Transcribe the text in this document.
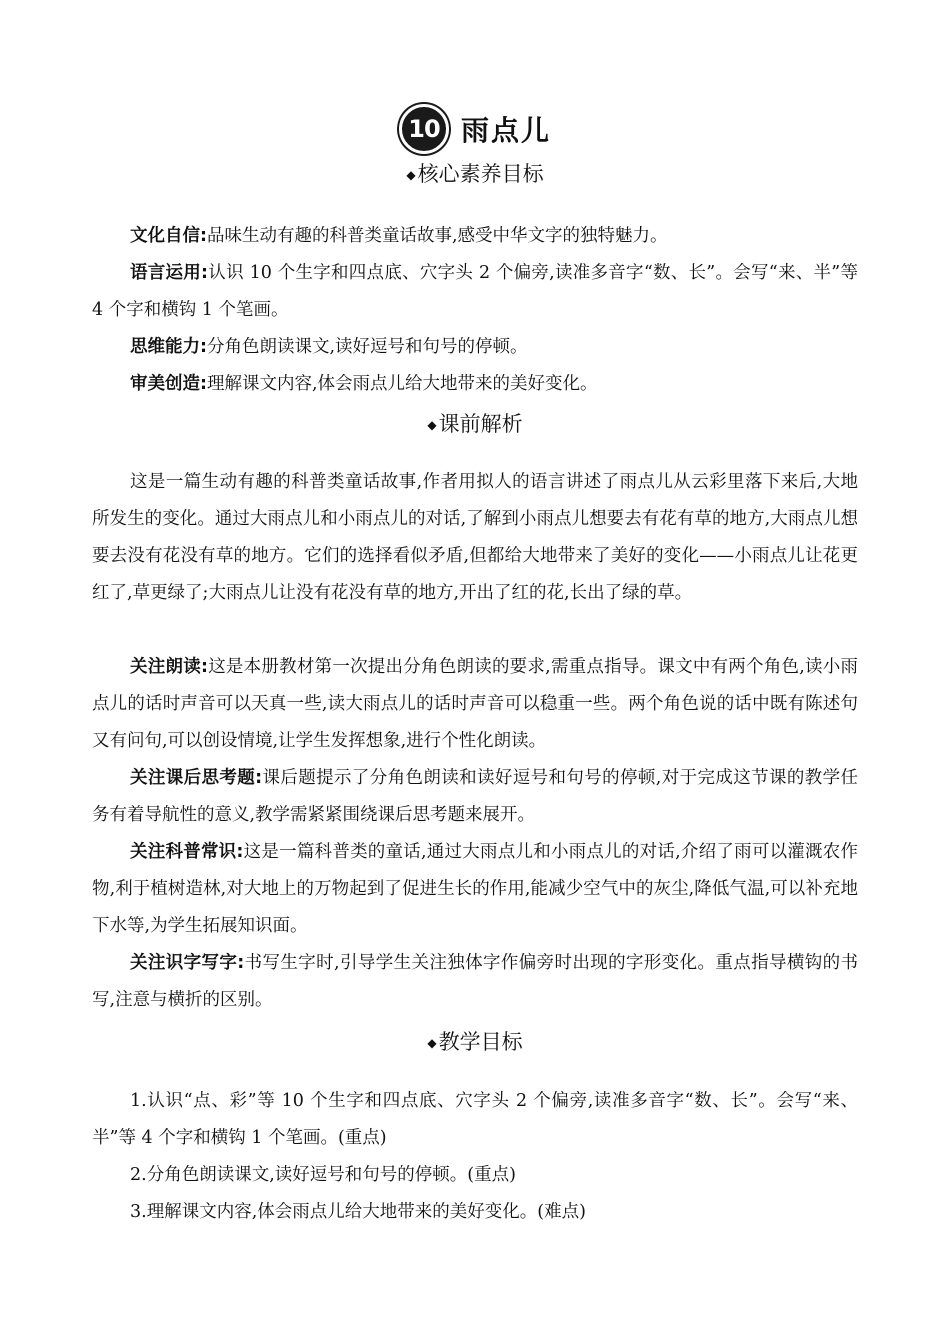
10 雨点儿
◆核心素养目标

文化自信:品味生动有趣的科普类童话故事,感受中华文字的独特魅力。

语言运用:认识 10 个生字和四点底、穴字头 2 个偏旁,读准多音字“数、长”。会写“来、半”等 4 个字和横钩 1 个笔画。

思维能力:分角色朗读课文,读好逗号和句号的停顿。

审美创造:理解课文内容,体会雨点儿给大地带来的美好变化。

◆课前解析

这是一篇生动有趣的科普类童话故事,作者用拟人的语言讲述了雨点儿从云彩里落下来后,大地所发生的变化。通过大雨点儿和小雨点儿的对话,了解到小雨点儿想要去有花有草的地方,大雨点儿想要去没有花没有草的地方。它们的选择看似矛盾,但都给大地带来了美好的变化——小雨点儿让花更红了,草更绿了;大雨点儿让没有花没有草的地方,开出了红的花,长出了绿的草。

关注朗读:这是本册教材第一次提出分角色朗读的要求,需重点指导。课文中有两个角色,读小雨点儿的话时声音可以天真一些,读大雨点儿的话时声音可以稳重一些。两个角色说的话中既有陈述句又有问句,可以创设情境,让学生发挥想象,进行个性化朗读。

关注课后思考题:课后题提示了分角色朗读和读好逗号和句号的停顿,对于完成这节课的教学任务有着导航性的意义,教学需紧紧围绕课后思考题来展开。

关注科普常识:这是一篇科普类的童话,通过大雨点儿和小雨点儿的对话,介绍了雨可以灌溉农作物,利于植树造林,对大地上的万物起到了促进生长的作用,能减少空气中的灰尘,降低气温,可以补充地下水等,为学生拓展知识面。

关注识字写字:书写生字时,引导学生关注独体字作偏旁时出现的字形变化。重点指导横钩的书写,注意与横折的区别。

◆教学目标

1.认识“点、彩”等 10 个生字和四点底、穴字头 2 个偏旁,读准多音字“数、长”。会写“来、半”等 4 个字和横钩 1 个笔画。(重点)

2.分角色朗读课文,读好逗号和句号的停顿。(重点)

3.理解课文内容,体会雨点儿给大地带来的美好变化。(难点)
